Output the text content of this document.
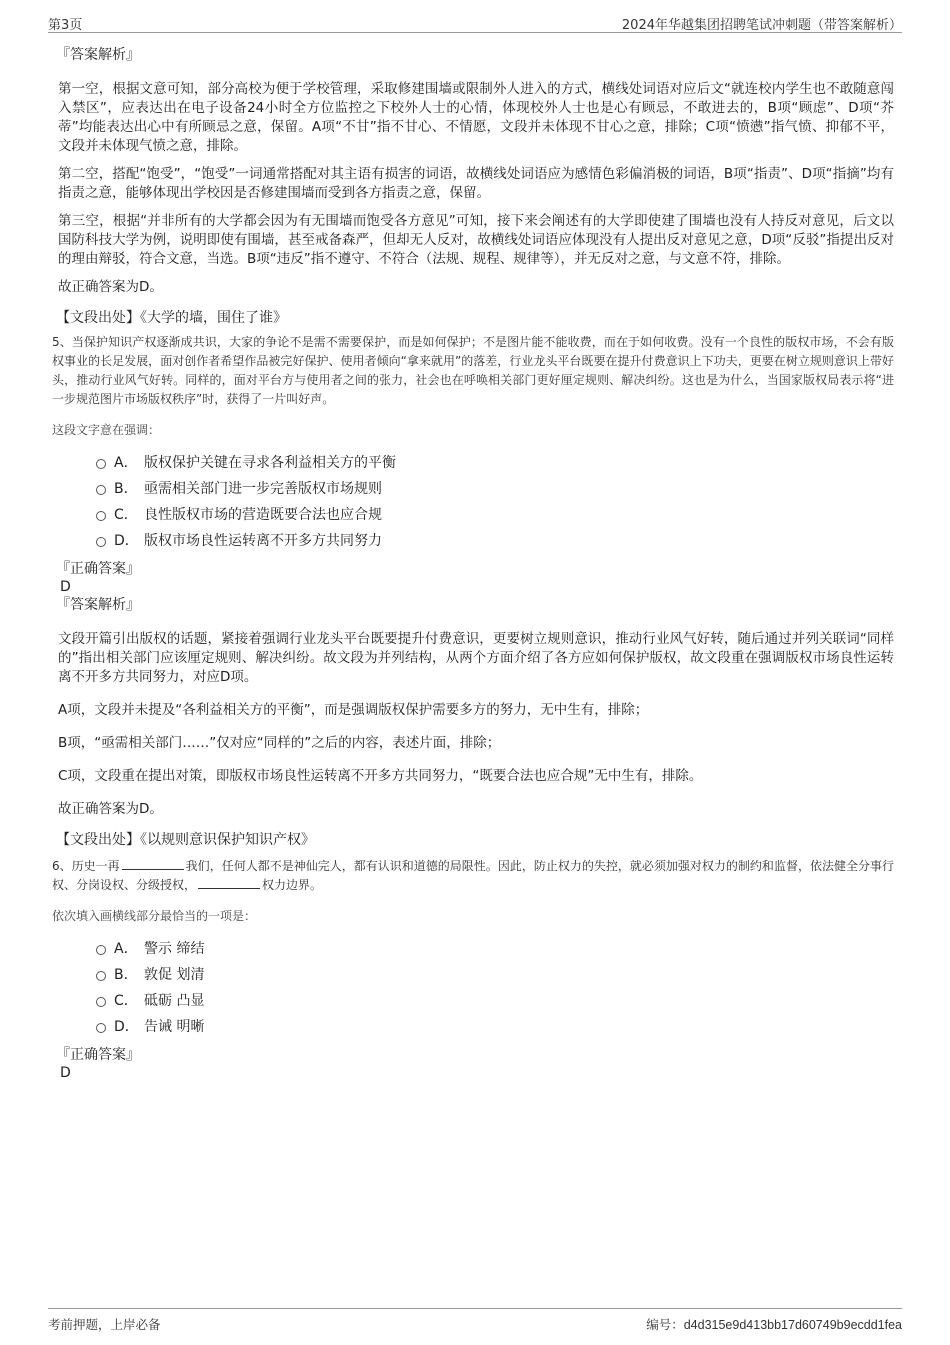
第3页	2024年华越集团招聘笔试冲刺题（带答案解析）

『答案解析』

第一空，根据文意可知，部分高校为便于学校管理，采取修建围墙或限制外人进入的方式，横线处词语对应后文“就连校内学生也不敢随意闯入禁区”，应表达出在电子设备24小时全方位监控之下校外人士的心情，体现校外人士也是心有顾忌，不敢进去的，B项“顾虑”、D项“芥蒂”均能表达出心中有所顾忌之意，保留。A项“不甘”指不甘心、不情愿，文段并未体现不甘心之意，排除；C项“愤懑”指气愤、抑郁不平，文段并未体现气愤之意，排除。

第二空，搭配“饱受”，“饱受”一词通常搭配对其主语有损害的词语，故横线处词语应为感情色彩偏消极的词语，B项“指责”、D项“指摘”均有指责之意，能够体现出学校因是否修建围墙而受到各方指责之意，保留。

第三空，根据“并非所有的大学都会因为有无围墙而饱受各方意见”可知，接下来会阐述有的大学即使建了围墙也没有人持反对意见，后文以国防科技大学为例，说明即使有围墙，甚至戒备森严，但却无人反对，故横线处词语应体现没有人提出反对意见之意，D项“反驳”指提出反对的理由辩驳，符合文意，当选。B项“违反”指不遵守、不符合（法规、规程、规律等），并无反对之意，与文意不符，排除。

故正确答案为D。

【文段出处】《大学的墙，围住了谁》

5、当保护知识产权逐渐成共识，大家的争论不是需不需要保护，而是如何保护；不是图片能不能收费，而在于如何收费。没有一个良性的版权市场，不会有版权事业的长足发展，面对创作者希望作品被完好保护、使用者倾向“拿来就用”的落差，行业龙头平台既要在提升付费意识上下功夫，更要在树立规则意识上带好头，推动行业风气好转。同样的，面对平台方与使用者之间的张力，社会也在呼唤相关部门更好厘定规则、解决纠纷。这也是为什么，当国家版权局表示将“进一步规范图片市场版权秩序”时，获得了一片叫好声。

这段文字意在强调：

A． 版权保护关键在寻求各利益相关方的平衡
B． 亟需相关部门进一步完善版权市场规则
C． 良性版权市场的营造既要合法也应合规
D． 版权市场良性运转离不开多方共同努力

『正确答案』

D

『答案解析』

文段开篇引出版权的话题，紧接着强调行业龙头平台既要提升付费意识，更要树立规则意识，推动行业风气好转，随后通过并列关联词“同样的”指出相关部门应该厘定规则、解决纠纷。故文段为并列结构，从两个方面介绍了各方应如何保护版权，故文段重在强调版权市场良性运转离不开多方共同努力，对应D项。

A项，文段并未提及“各利益相关方的平衡”，而是强调版权保护需要多方的努力，无中生有，排除；

B项，“亟需相关部门……”仅对应“同样的”之后的内容，表述片面，排除；

C项，文段重在提出对策，即版权市场良性运转离不开多方共同努力，“既要合法也应合规”无中生有，排除。

故正确答案为D。

【文段出处】《以规则意识保护知识产权》

6、历史一再	我们，任何人都不是神仙完人，都有认识和道德的局限性。因此，防止权力的失控，就必须加强对权力的制约和监督，依法健全分事行权、分岗设权、分级授权，	权力边界。

依次填入画横线部分最恰当的一项是：

A． 警示 缔结
B． 敦促 划清
C． 砥砺 凸显
D． 告诫 明晰

『正确答案』

D

考前押题，上岸必备	编号：d4d315e9d413bb17d60749b9ecdd1fea
